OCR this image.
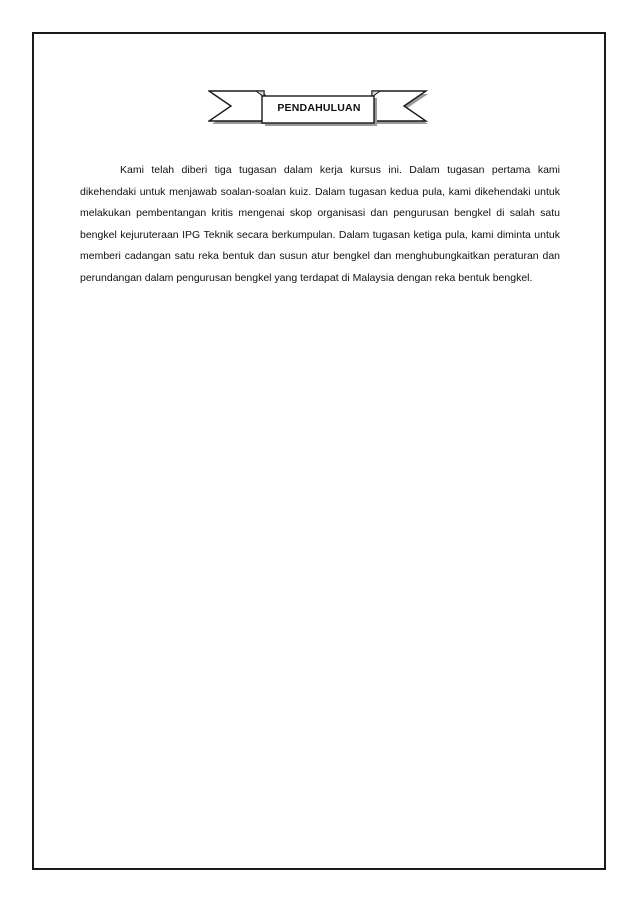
PENDAHULUAN

Kami telah diberi tiga tugasan dalam kerja kursus ini. Dalam tugasan pertama kami dikehendaki untuk menjawab soalan-soalan kuiz. Dalam tugasan kedua pula, kami dikehendaki untuk melakukan pembentangan kritis mengenai skop organisasi dan pengurusan bengkel di salah satu bengkel kejuruteraan IPG Teknik secara berkumpulan. Dalam tugasan ketiga pula, kami diminta untuk memberi cadangan satu reka bentuk dan susun atur bengkel dan menghubungkaitkan peraturan dan perundangan dalam pengurusan bengkel yang terdapat di Malaysia dengan reka bentuk bengkel.
